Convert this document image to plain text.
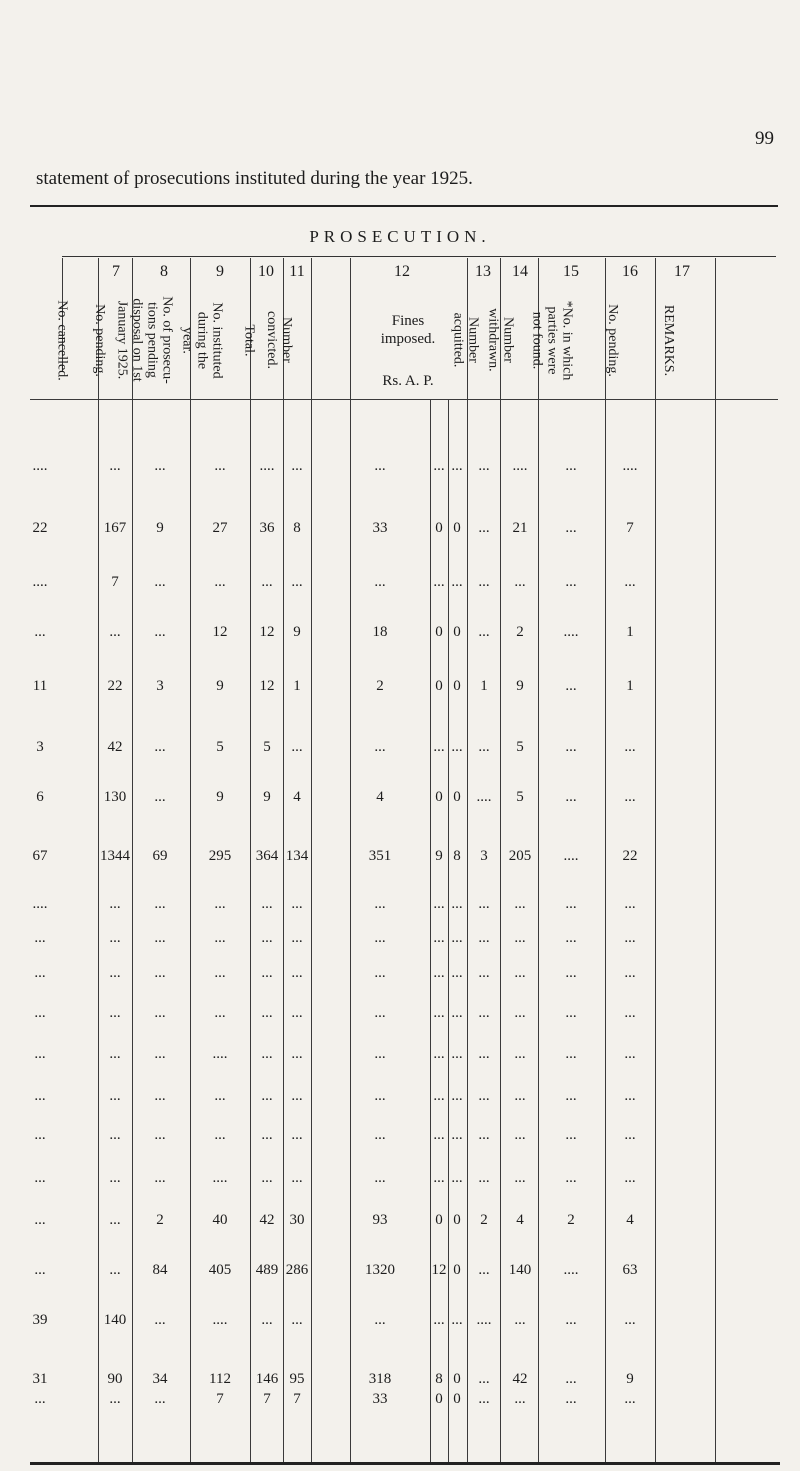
99
statement of prosecutions instituted during the year 1925.
PROSECUTION.
7	8	9	10 11	12	13	14	15	16	17
No. cancelled. No. pending.	No. of prosecu-
tions pending
disposal on 1st
January 1925.	No. instituted
during the
year.	Total.	Number
convicted.	Number
acquitted.	Number
withdrawn.	*No. in which
parties were
not found.	No. pending.	REMARKS.
Fines
imposed.
Rs. A. P.
....	...	...	...	....	...	...	... ...	...	....	...	....
22	167	9	27	36	8	33	0 0	...	21	...	7
....	7	...	...	...	...	...	... ...	...	...	...	...
...	...	...	12	12	9	18	0 0	...	2	....	1
11	22	3	9	12	1	2	0 0	1	9	...	1
3	42	...	5	5	...	...	... ...	...	5	...	...
6	130	...	9	9	4	4	0 0	....	5	...	...
67	1344	69	295	364 134	351	9 8	3	205	....	22
....	...	...	...	...	...	...	... ...	...	...	...	...
...	...	...	...	...	...	...	... ...	...	...	...	...
...	...	...	...	...	...	...	... ...	...	...	...	...
...	...	...	...	...	...	...	... ...	...	...	...	...
...	...	...	....	...	...	...	... ...	...	...	...	...
...	...	...	...	...	...	...	... ...	...	...	...	...
...	...	...	...	...	...	...	... ...	...	...	...	...
...	...	...	....	...	...	...	... ...	...	...	...	...
...	...	2	40	42	30	93	0 0	2	4	2	4
...	...	84	405	489 286	1320	12 0	...	140	....	63
39	140	...	....	...	...	...	... ... ....	...	...	...
31	90	34	112	146 95	318	8 0	...	42	...	9
...	...	...	7	7	7	33	0 0	...	...	...	...
